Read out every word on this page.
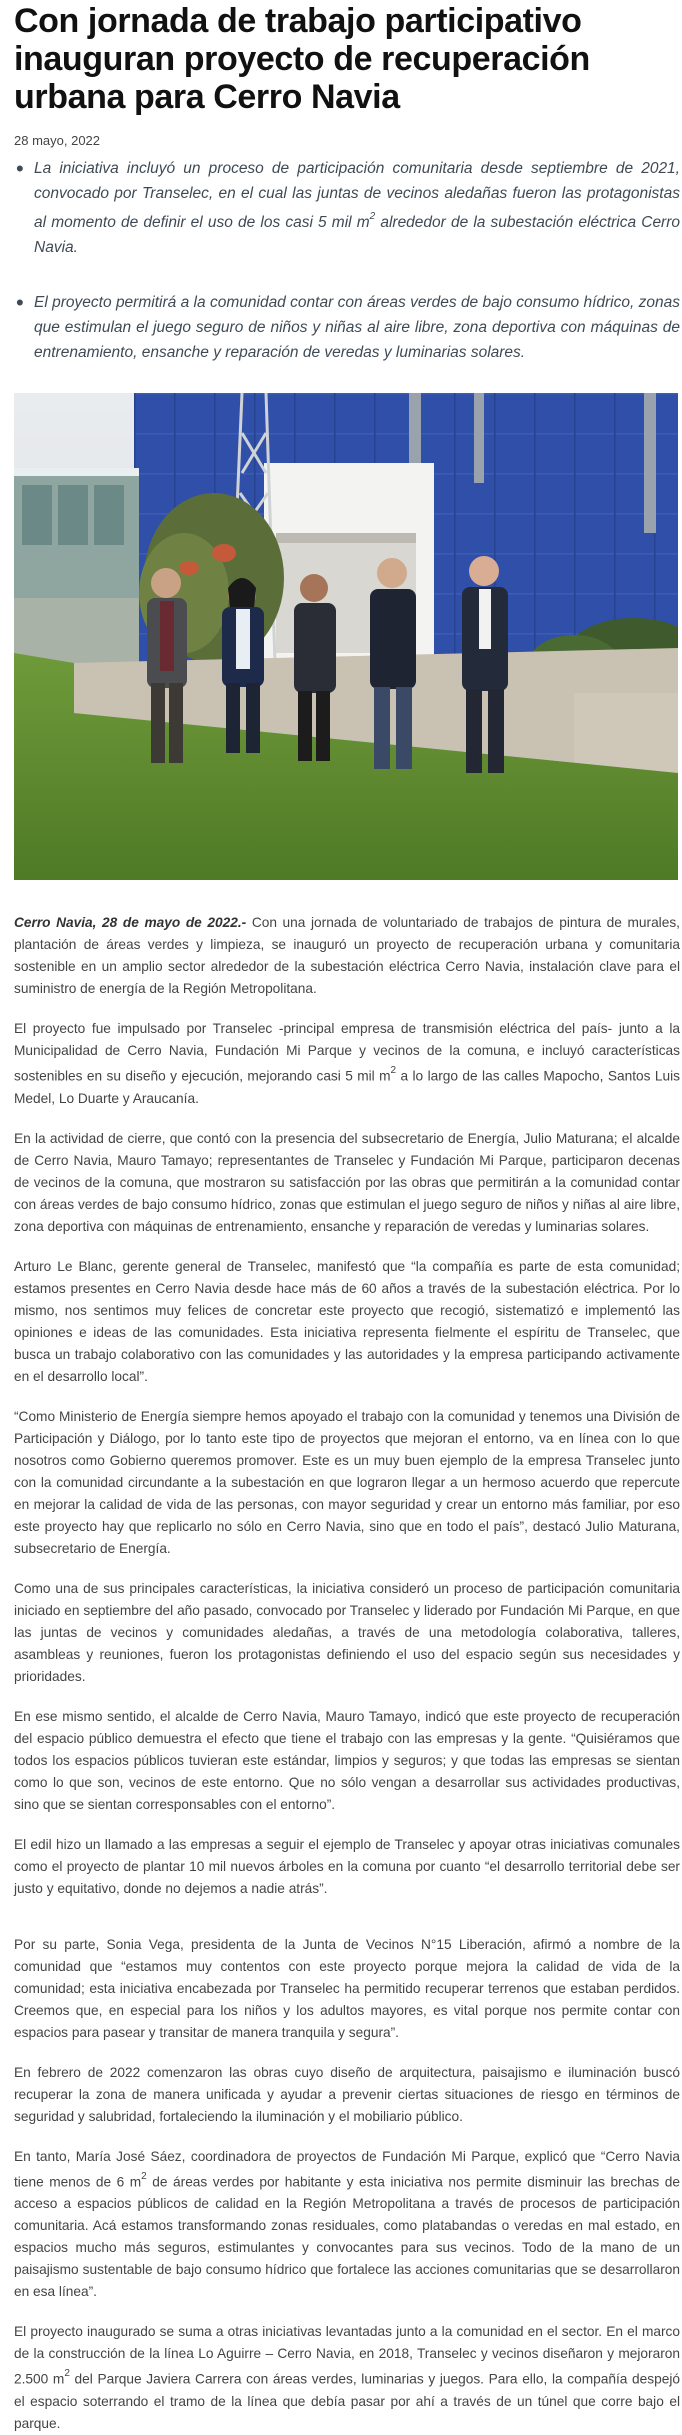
Con jornada de trabajo participativo inauguran proyecto de recuperación urbana para Cerro Navia
28 mayo, 2022
• La iniciativa incluyó un proceso de participación comunitaria desde septiembre de 2021, convocado por Transelec, en el cual las juntas de vecinos aledañas fueron las protagonistas al momento de definir el uso de los casi 5 mil $m^2$ alrededor de la subestación eléctrica Cerro Navia.
• El proyecto permitirá a la comunidad contar con áreas verdes de bajo consumo hídrico, zonas que estimulan el juego seguro de niños y niñas al aire libre, zona deportiva con máquinas de entrenamiento, ensanche y reparación de veredas y luminarias solares.

Cerro Navia, 28 de mayo de 2022.- Con una jornada de voluntariado de trabajos de pintura de murales, plantación de áreas verdes y limpieza, se inauguró un proyecto de recuperación urbana y comunitaria sostenible en un amplio sector alrededor de la subestación eléctrica Cerro Navia, instalación clave para el suministro de energía de la Región Metropolitana.

El proyecto fue impulsado por Transelec -principal empresa de transmisión eléctrica del país- junto a la Municipalidad de Cerro Navia, Fundación Mi Parque y vecinos de la comuna, e incluyó características sostenibles en su diseño y ejecución, mejorando casi 5 mil $m^2$ a lo largo de las calles Mapocho, Santos Luis Medel, Lo Duarte y Araucanía.

En la actividad de cierre, que contó con la presencia del subsecretario de Energía, Julio Maturana; el alcalde de Cerro Navia, Mauro Tamayo; representantes de Transelec y Fundación Mi Parque, participaron decenas de vecinos de la comuna, que mostraron su satisfacción por las obras que permitirán a la comunidad contar con áreas verdes de bajo consumo hídrico, zonas que estimulan el juego seguro de niños y niñas al aire libre, zona deportiva con máquinas de entrenamiento, ensanche y reparación de veredas y luminarias solares.

Arturo Le Blanc, gerente general de Transelec, manifestó que “la compañía es parte de esta comunidad; estamos presentes en Cerro Navia desde hace más de 60 años a través de la subestación eléctrica. Por lo mismo, nos sentimos muy felices de concretar este proyecto que recogió, sistematizó e implementó las opiniones e ideas de las comunidades. Esta iniciativa representa fielmente el espíritu de Transelec, que busca un trabajo colaborativo con las comunidades y las autoridades y la empresa participando activamente en el desarrollo local”.

“Como Ministerio de Energía siempre hemos apoyado el trabajo con la comunidad y tenemos una División de Participación y Diálogo, por lo tanto este tipo de proyectos que mejoran el entorno, va en línea con lo que nosotros como Gobierno queremos promover. Este es un muy buen ejemplo de la empresa Transelec junto con la comunidad circundante a la subestación en que lograron llegar a un hermoso acuerdo que repercute en mejorar la calidad de vida de las personas, con mayor seguridad y crear un entorno más familiar, por eso este proyecto hay que replicarlo no sólo en Cerro Navia, sino que en todo el país”, destacó Julio Maturana, subsecretario de Energía.

Como una de sus principales características, la iniciativa consideró un proceso de participación comunitaria iniciado en septiembre del año pasado, convocado por Transelec y liderado por Fundación Mi Parque, en que las juntas de vecinos y comunidades aledañas, a través de una metodología colaborativa, talleres, asambleas y reuniones, fueron los protagonistas definiendo el uso del espacio según sus necesidades y prioridades.

En ese mismo sentido, el alcalde de Cerro Navia, Mauro Tamayo, indicó que este proyecto de recuperación del espacio público demuestra el efecto que tiene el trabajo con las empresas y la gente. “Quisiéramos que todos los espacios públicos tuvieran este estándar, limpios y seguros; y que todas las empresas se sientan como lo que son, vecinos de este entorno. Que no sólo vengan a desarrollar sus actividades productivas, sino que se sientan corresponsables con el entorno”.

El edil hizo un llamado a las empresas a seguir el ejemplo de Transelec y apoyar otras iniciativas comunales como el proyecto de plantar 10 mil nuevos árboles en la comuna por cuanto “el desarrollo territorial debe ser justo y equitativo, donde no dejemos a nadie atrás”.

Por su parte, Sonia Vega, presidenta de la Junta de Vecinos N°15 Liberación, afirmó a nombre de la comunidad que “estamos muy contentos con este proyecto porque mejora la calidad de vida de la comunidad; esta iniciativa encabezada por Transelec ha permitido recuperar terrenos que estaban perdidos. Creemos que, en especial para los niños y los adultos mayores, es vital porque nos permite contar con espacios para pasear y transitar de manera tranquila y segura”.

En febrero de 2022 comenzaron las obras cuyo diseño de arquitectura, paisajismo e iluminación buscó recuperar la zona de manera unificada y ayudar a prevenir ciertas situaciones de riesgo en términos de seguridad y salubridad, fortaleciendo la iluminación y el mobiliario público.

En tanto, María José Sáez, coordinadora de proyectos de Fundación Mi Parque, explicó que “Cerro Navia tiene menos de 6 $m^2$ de áreas verdes por habitante y esta iniciativa nos permite disminuir las brechas de acceso a espacios públicos de calidad en la Región Metropolitana a través de procesos de participación comunitaria. Acá estamos transformando zonas residuales, como platabandas o veredas en mal estado, en espacios mucho más seguros, estimulantes y convocantes para sus vecinos. Todo de la mano de un paisajismo sustentable de bajo consumo hídrico que fortalece las acciones comunitarias que se desarrollaron en esa línea”.

El proyecto inaugurado se suma a otras iniciativas levantadas junto a la comunidad en el sector. En el marco de la construcción de la línea Lo Aguirre – Cerro Navia, en 2018, Transelec y vecinos diseñaron y mejoraron 2.500 $m^2$ del Parque Javiera Carrera con áreas verdes, luminarias y juegos. Para ello, la compañía despejó el espacio soterrando el tramo de la línea que debía pasar por ahí a través de un túnel que corre bajo el parque.
